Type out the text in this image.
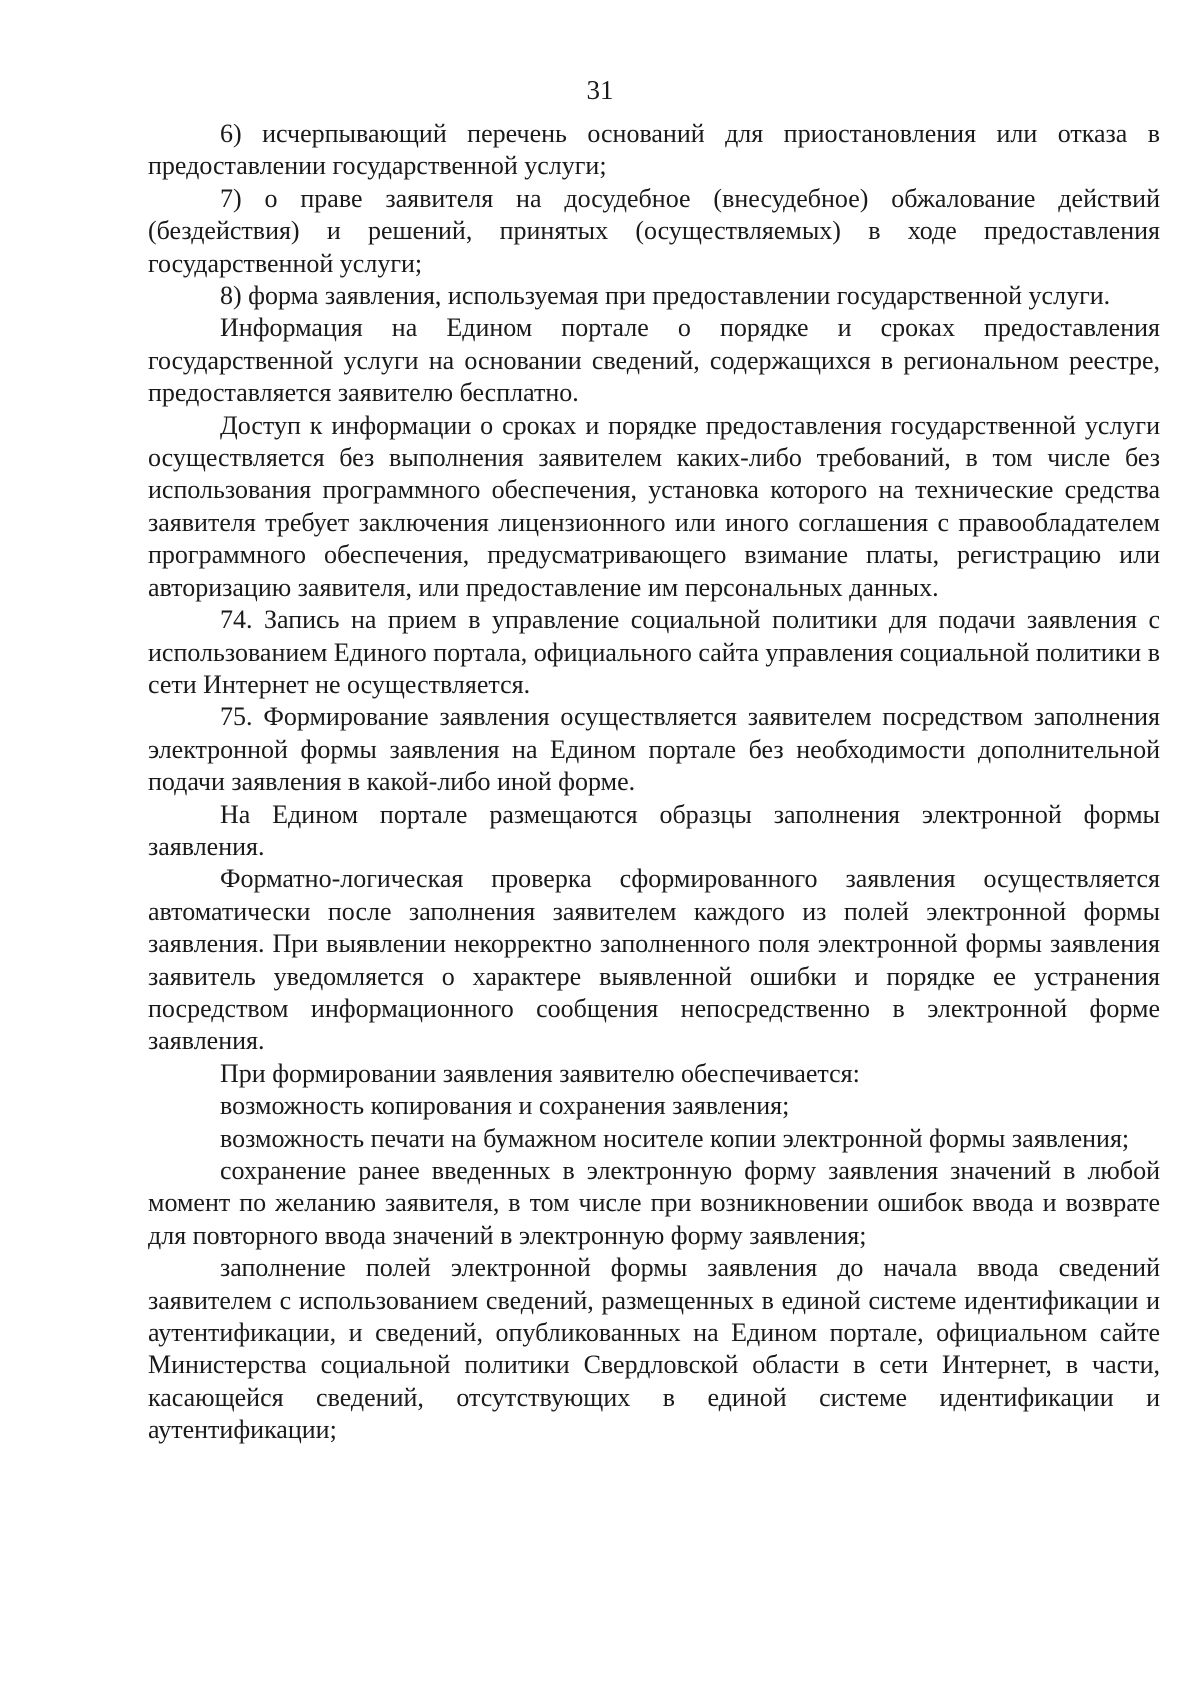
31

6) исчерпывающий перечень оснований для приостановления или отказа в предоставлении государственной услуги;

7) о праве заявителя на досудебное (внесудебное) обжалование действий (бездействия) и решений, принятых (осуществляемых) в ходе предоставления государственной услуги;

8) форма заявления, используемая при предоставлении государственной услуги.

Информация на Едином портале о порядке и сроках предоставления государственной услуги на основании сведений, содержащихся в региональном реестре, предоставляется заявителю бесплатно.

Доступ к информации о сроках и порядке предоставления государственной услуги осуществляется без выполнения заявителем каких-либо требований, в том числе без использования программного обеспечения, установка которого на технические средства заявителя требует заключения лицензионного или иного соглашения с правообладателем программного обеспечения, предусматривающего взимание платы, регистрацию или авторизацию заявителя, или предоставление им персональных данных.

74. Запись на прием в управление социальной политики для подачи заявления с использованием Единого портала, официального сайта управления социальной политики в сети Интернет не осуществляется.

75. Формирование заявления осуществляется заявителем посредством заполнения электронной формы заявления на Едином портале без необходимости дополнительной подачи заявления в какой-либо иной форме.

На Едином портале размещаются образцы заполнения электронной формы заявления.

Форматно-логическая проверка сформированного заявления осуществляется автоматически после заполнения заявителем каждого из полей электронной формы заявления. При выявлении некорректно заполненного поля электронной формы заявления заявитель уведомляется о характере выявленной ошибки и порядке ее устранения посредством информационного сообщения непосредственно в электронной форме заявления.

При формировании заявления заявителю обеспечивается:

возможность копирования и сохранения заявления;

возможность печати на бумажном носителе копии электронной формы заявления;

сохранение ранее введенных в электронную форму заявления значений в любой момент по желанию заявителя, в том числе при возникновении ошибок ввода и возврате для повторного ввода значений в электронную форму заявления;

заполнение полей электронной формы заявления до начала ввода сведений заявителем с использованием сведений, размещенных в единой системе идентификации и аутентификации, и сведений, опубликованных на Едином портале, официальном сайте Министерства социальной политики Свердловской области в сети Интернет, в части, касающейся сведений, отсутствующих в единой системе идентификации и аутентификации;
